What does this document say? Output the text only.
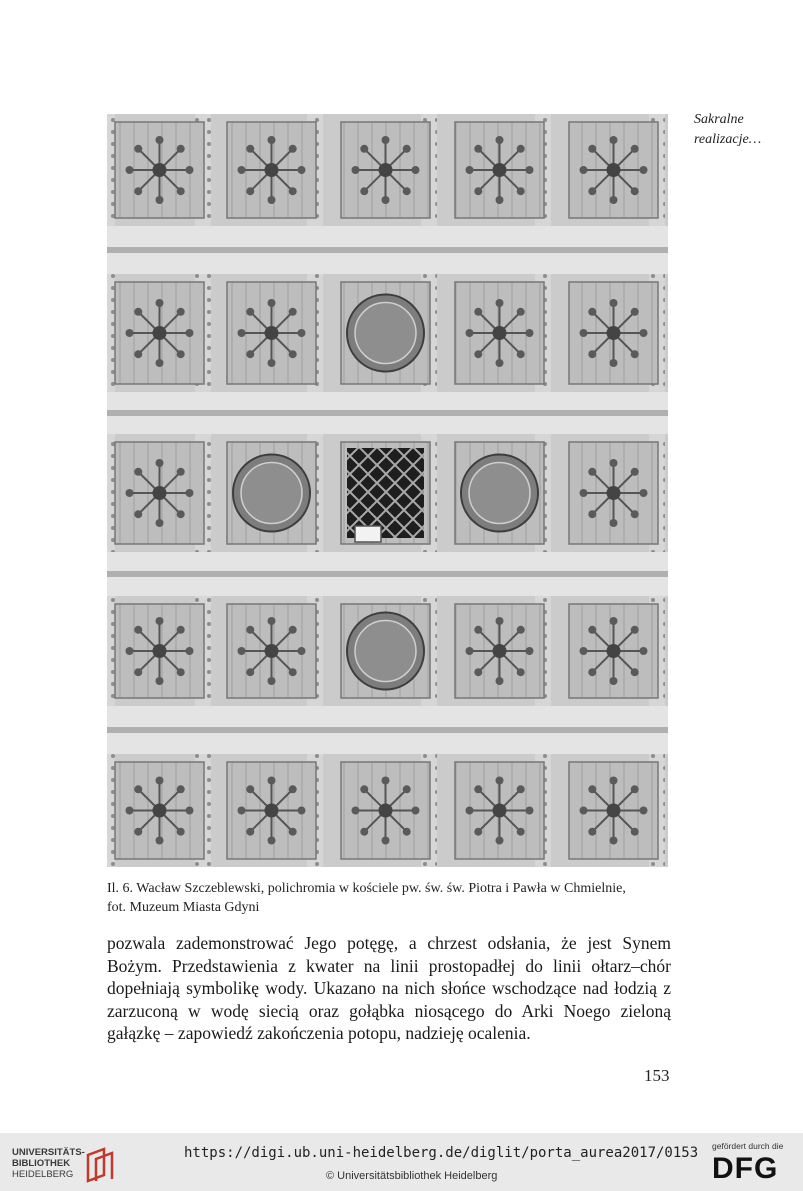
Sakralne
realizacje…
Il. 6. Wacław Szczeblewski, polichromia w kościele pw. św. św. Piotra i Pawła w Chmielnie,
fot. Muzeum Miasta Gdyni
pozwala zademonstrować Jego potęgę, a chrzest odsłania, że jest Synem Bożym. Przedstawienia z kwater na linii prostopadłej do linii ołtarz–chór dopełniają symbolikę wody. Ukazano na nich słońce wschodzące nad łodzią z zarzuconą w wodę siecią oraz gołąbka niosącego do Arki Noego zieloną gałązkę – zapowiedź zakończenia potopu, nadzieję ocalenia.
153
UNIVERSITÄTS-
BIBLIOTHEK
HEIDELBERG
https://digi.ub.uni-heidelberg.de/diglit/porta_aurea2017/0153
© Universitätsbibliothek Heidelberg
gefördert durch die
DFG
